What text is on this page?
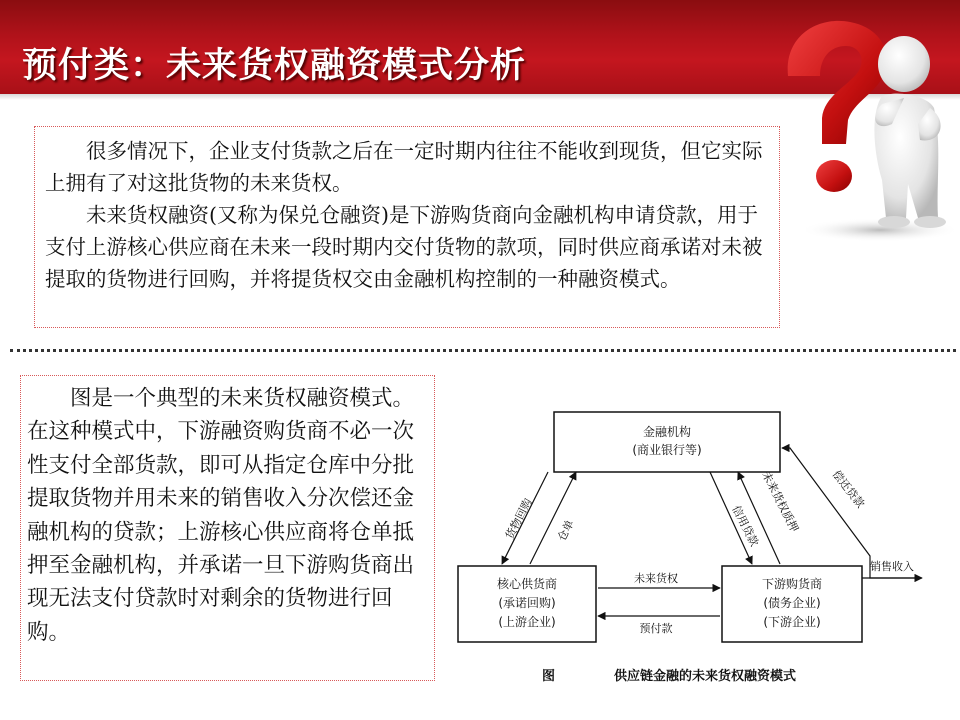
预付类：未来货权融资模式分析

很多情况下，企业支付货款之后在一定时期内往往不能收到现货，但它实际上拥有了对这批货物的未来货权。

未来货权融资(又称为保兑仓融资)是下游购货商向金融机构申请贷款，用于支付上游核心供应商在未来一段时期内交付货物的款项，同时供应商承诺对未被提取的货物进行回购，并将提货权交由金融机构控制的一种融资模式。

图是一个典型的未来货权融资模式。在这种模式中，下游融资购货商不必一次性支付全部货款，即可从指定仓库中分批提取货物并用未来的销售收入分次偿还金融机构的贷款；上游核心供应商将仓单抵押至金融机构，并承诺一旦下游购货商出现无法支付贷款时对剩余的货物进行回购。

金融机构
(商业银行等)
核心供货商
(承诺回购)
(上游企业)
下游购货商
(债务企业)
(下游企业)
货物回购 仓单	信用贷款
未来货权质押	偿还贷款
销售收入
未来货权
预付款
图	供应链金融的未来货权融资模式
